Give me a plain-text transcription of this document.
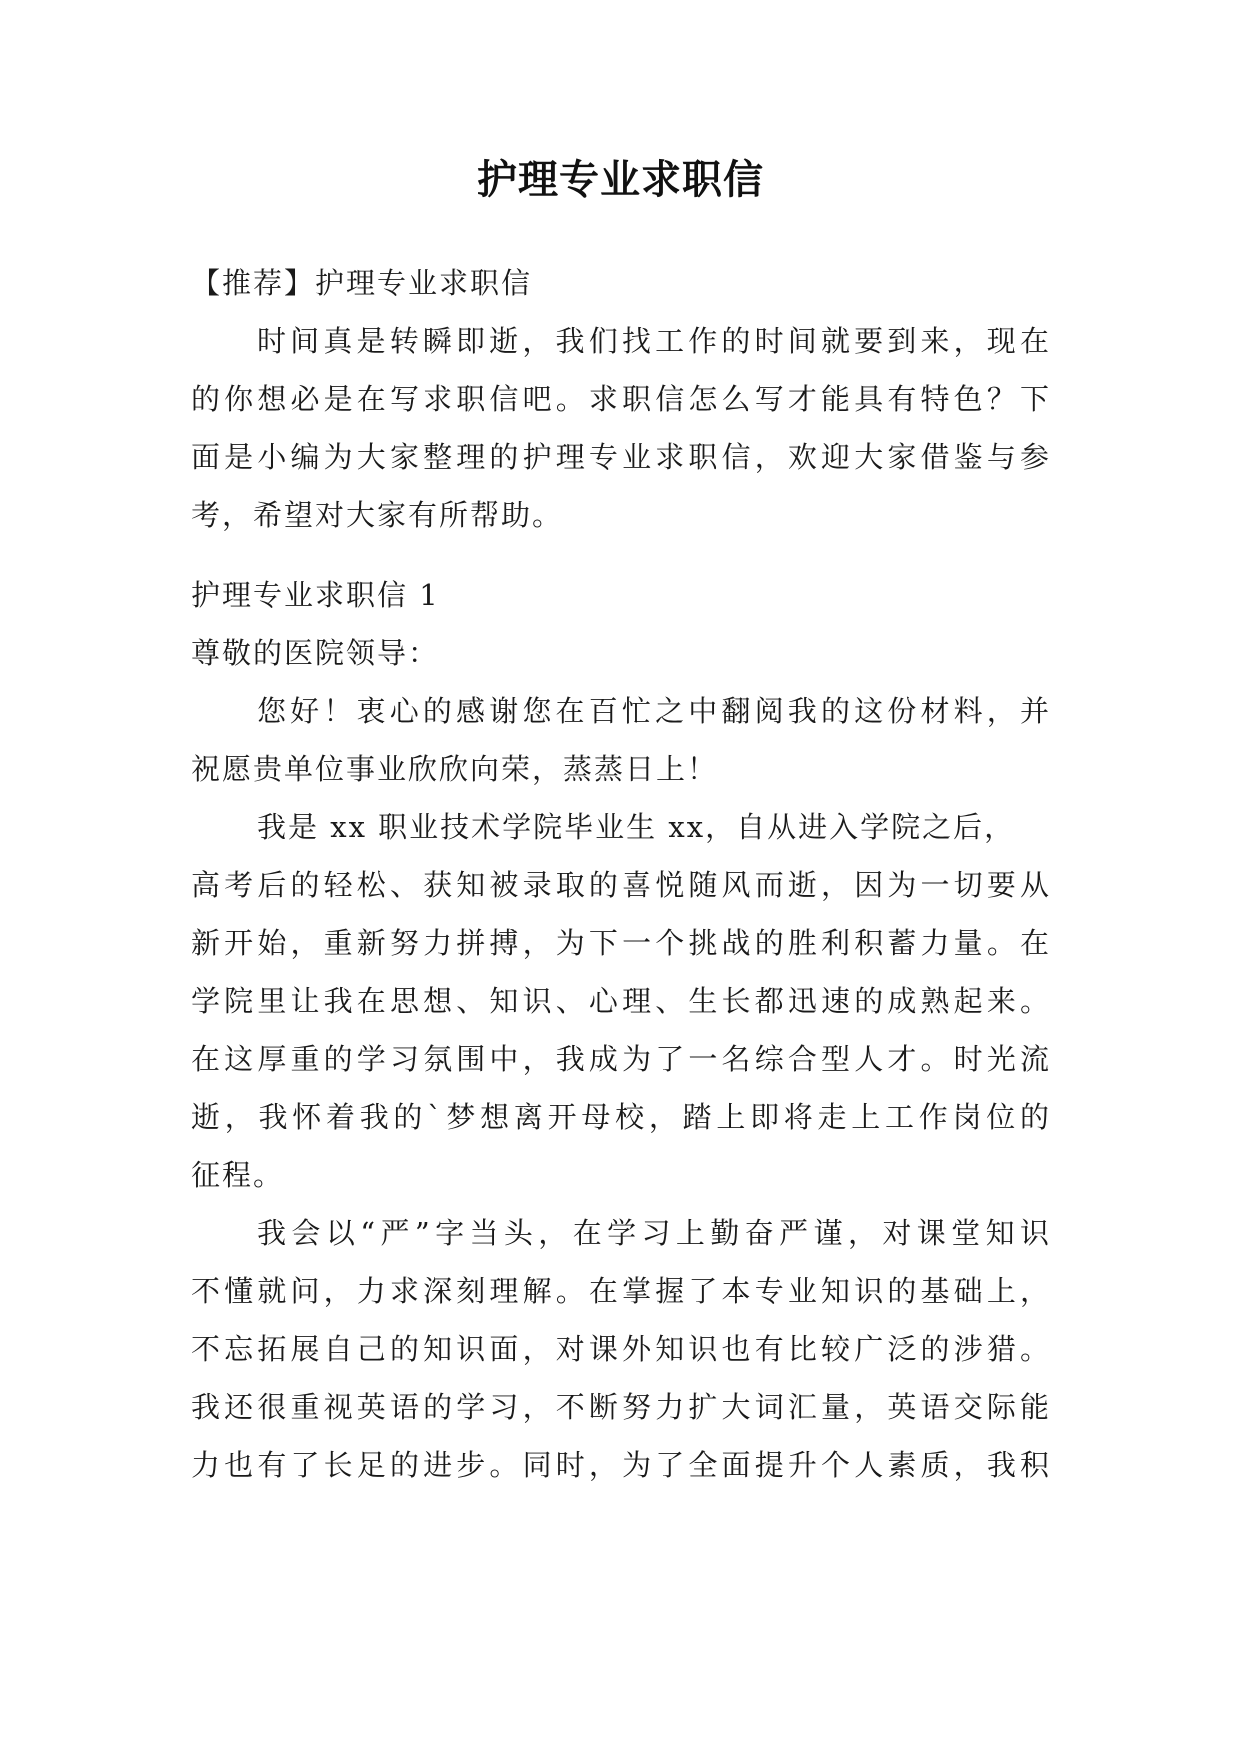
护理专业求职信
【推荐】护理专业求职信
时间真是转瞬即逝，我们找工作的时间就要到来，现在
的你想必是在写求职信吧。求职信怎么写才能具有特色？下
面是小编为大家整理的护理专业求职信，欢迎大家借鉴与参
考，希望对大家有所帮助。
护理专业求职信 1
尊敬的医院领导：
您好！衷心的感谢您在百忙之中翻阅我的这份材料，并
祝愿贵单位事业欣欣向荣，蒸蒸日上！
我是 xx 职业技术学院毕业生 xx，自从进入学院之后，
高考后的轻松、获知被录取的喜悦随风而逝，因为一切要从
新开始，重新努力拼搏，为下一个挑战的胜利积蓄力量。在
学院里让我在思想、知识、心理、生长都迅速的成熟起来。
在这厚重的学习氛围中，我成为了一名综合型人才。时光流
逝，我怀着我的`梦想离开母校，踏上即将走上工作岗位的
征程。
我会以“严”字当头，在学习上勤奋严谨，对课堂知识
不懂就问，力求深刻理解。在掌握了本专业知识的基础上，
不忘拓展自己的知识面，对课外知识也有比较广泛的涉猎。
我还很重视英语的学习，不断努力扩大词汇量，英语交际能
力也有了长足的进步。同时，为了全面提升个人素质，我积
